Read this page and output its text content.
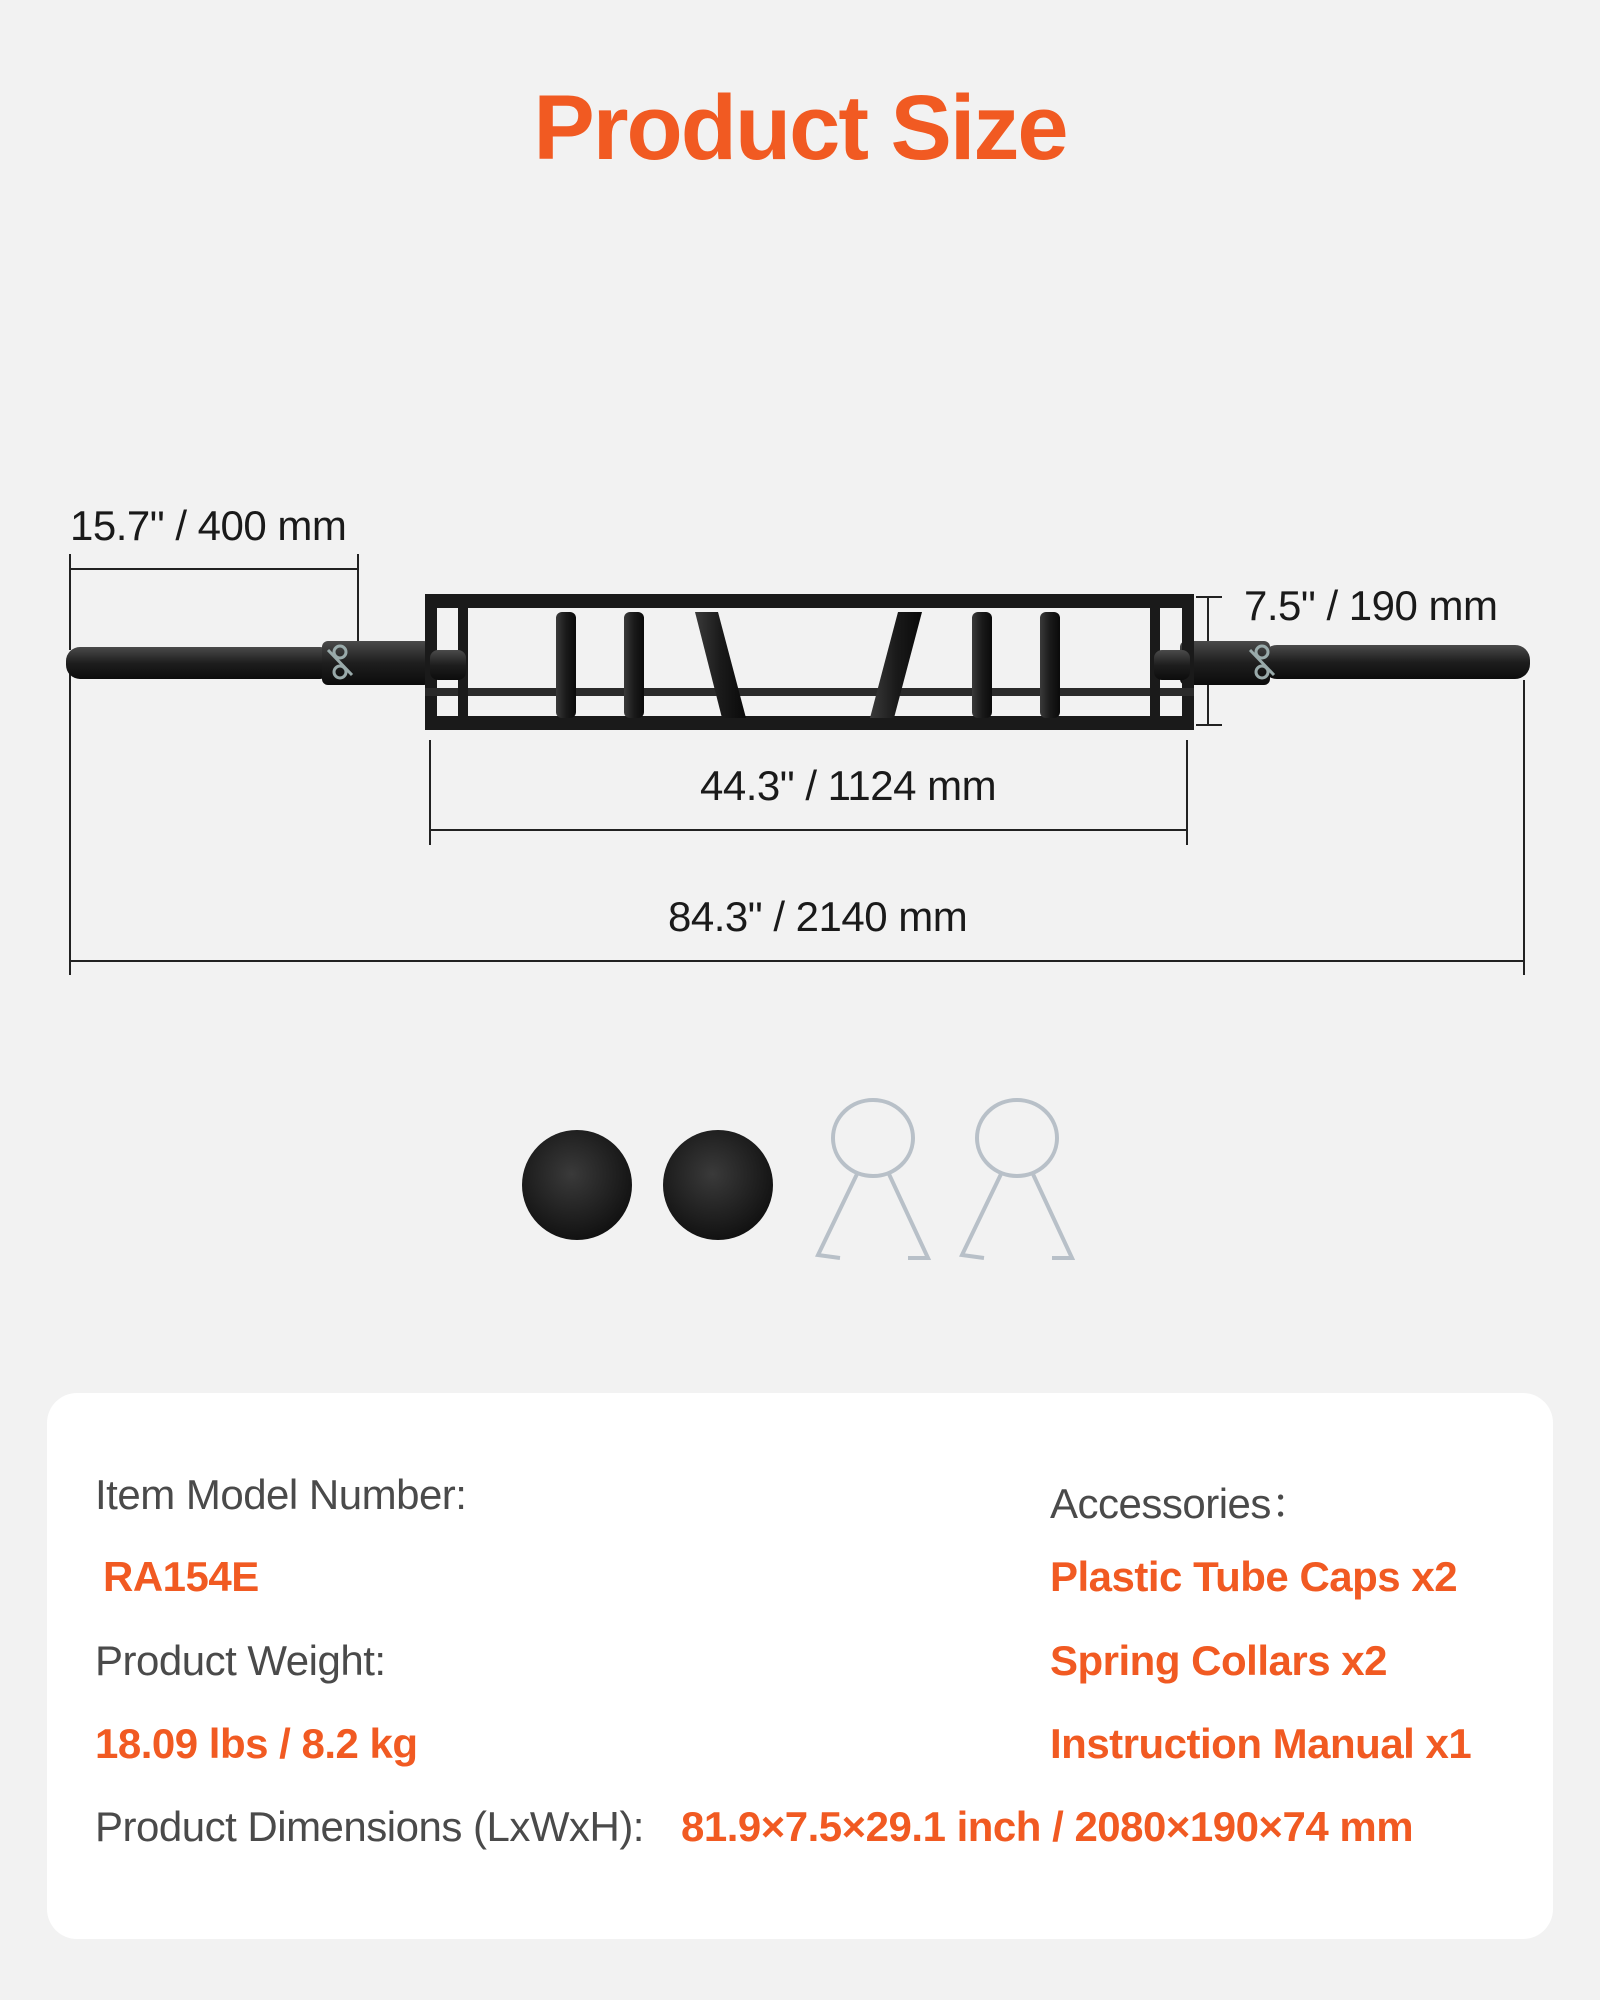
Product Size
15.7" / 400 mm
7.5" / 190 mm
44.3" / 1124 mm
84.3" / 2140 mm
Item Model Number:
RA154E
Product Weight:
18.09 lbs / 8.2 kg
Accessories：
Plastic Tube Caps x2
Spring Collars x2
Instruction Manual x1
Product Dimensions (LxWxH): 81.9×7.5×29.1 inch / 2080×190×74 mm
